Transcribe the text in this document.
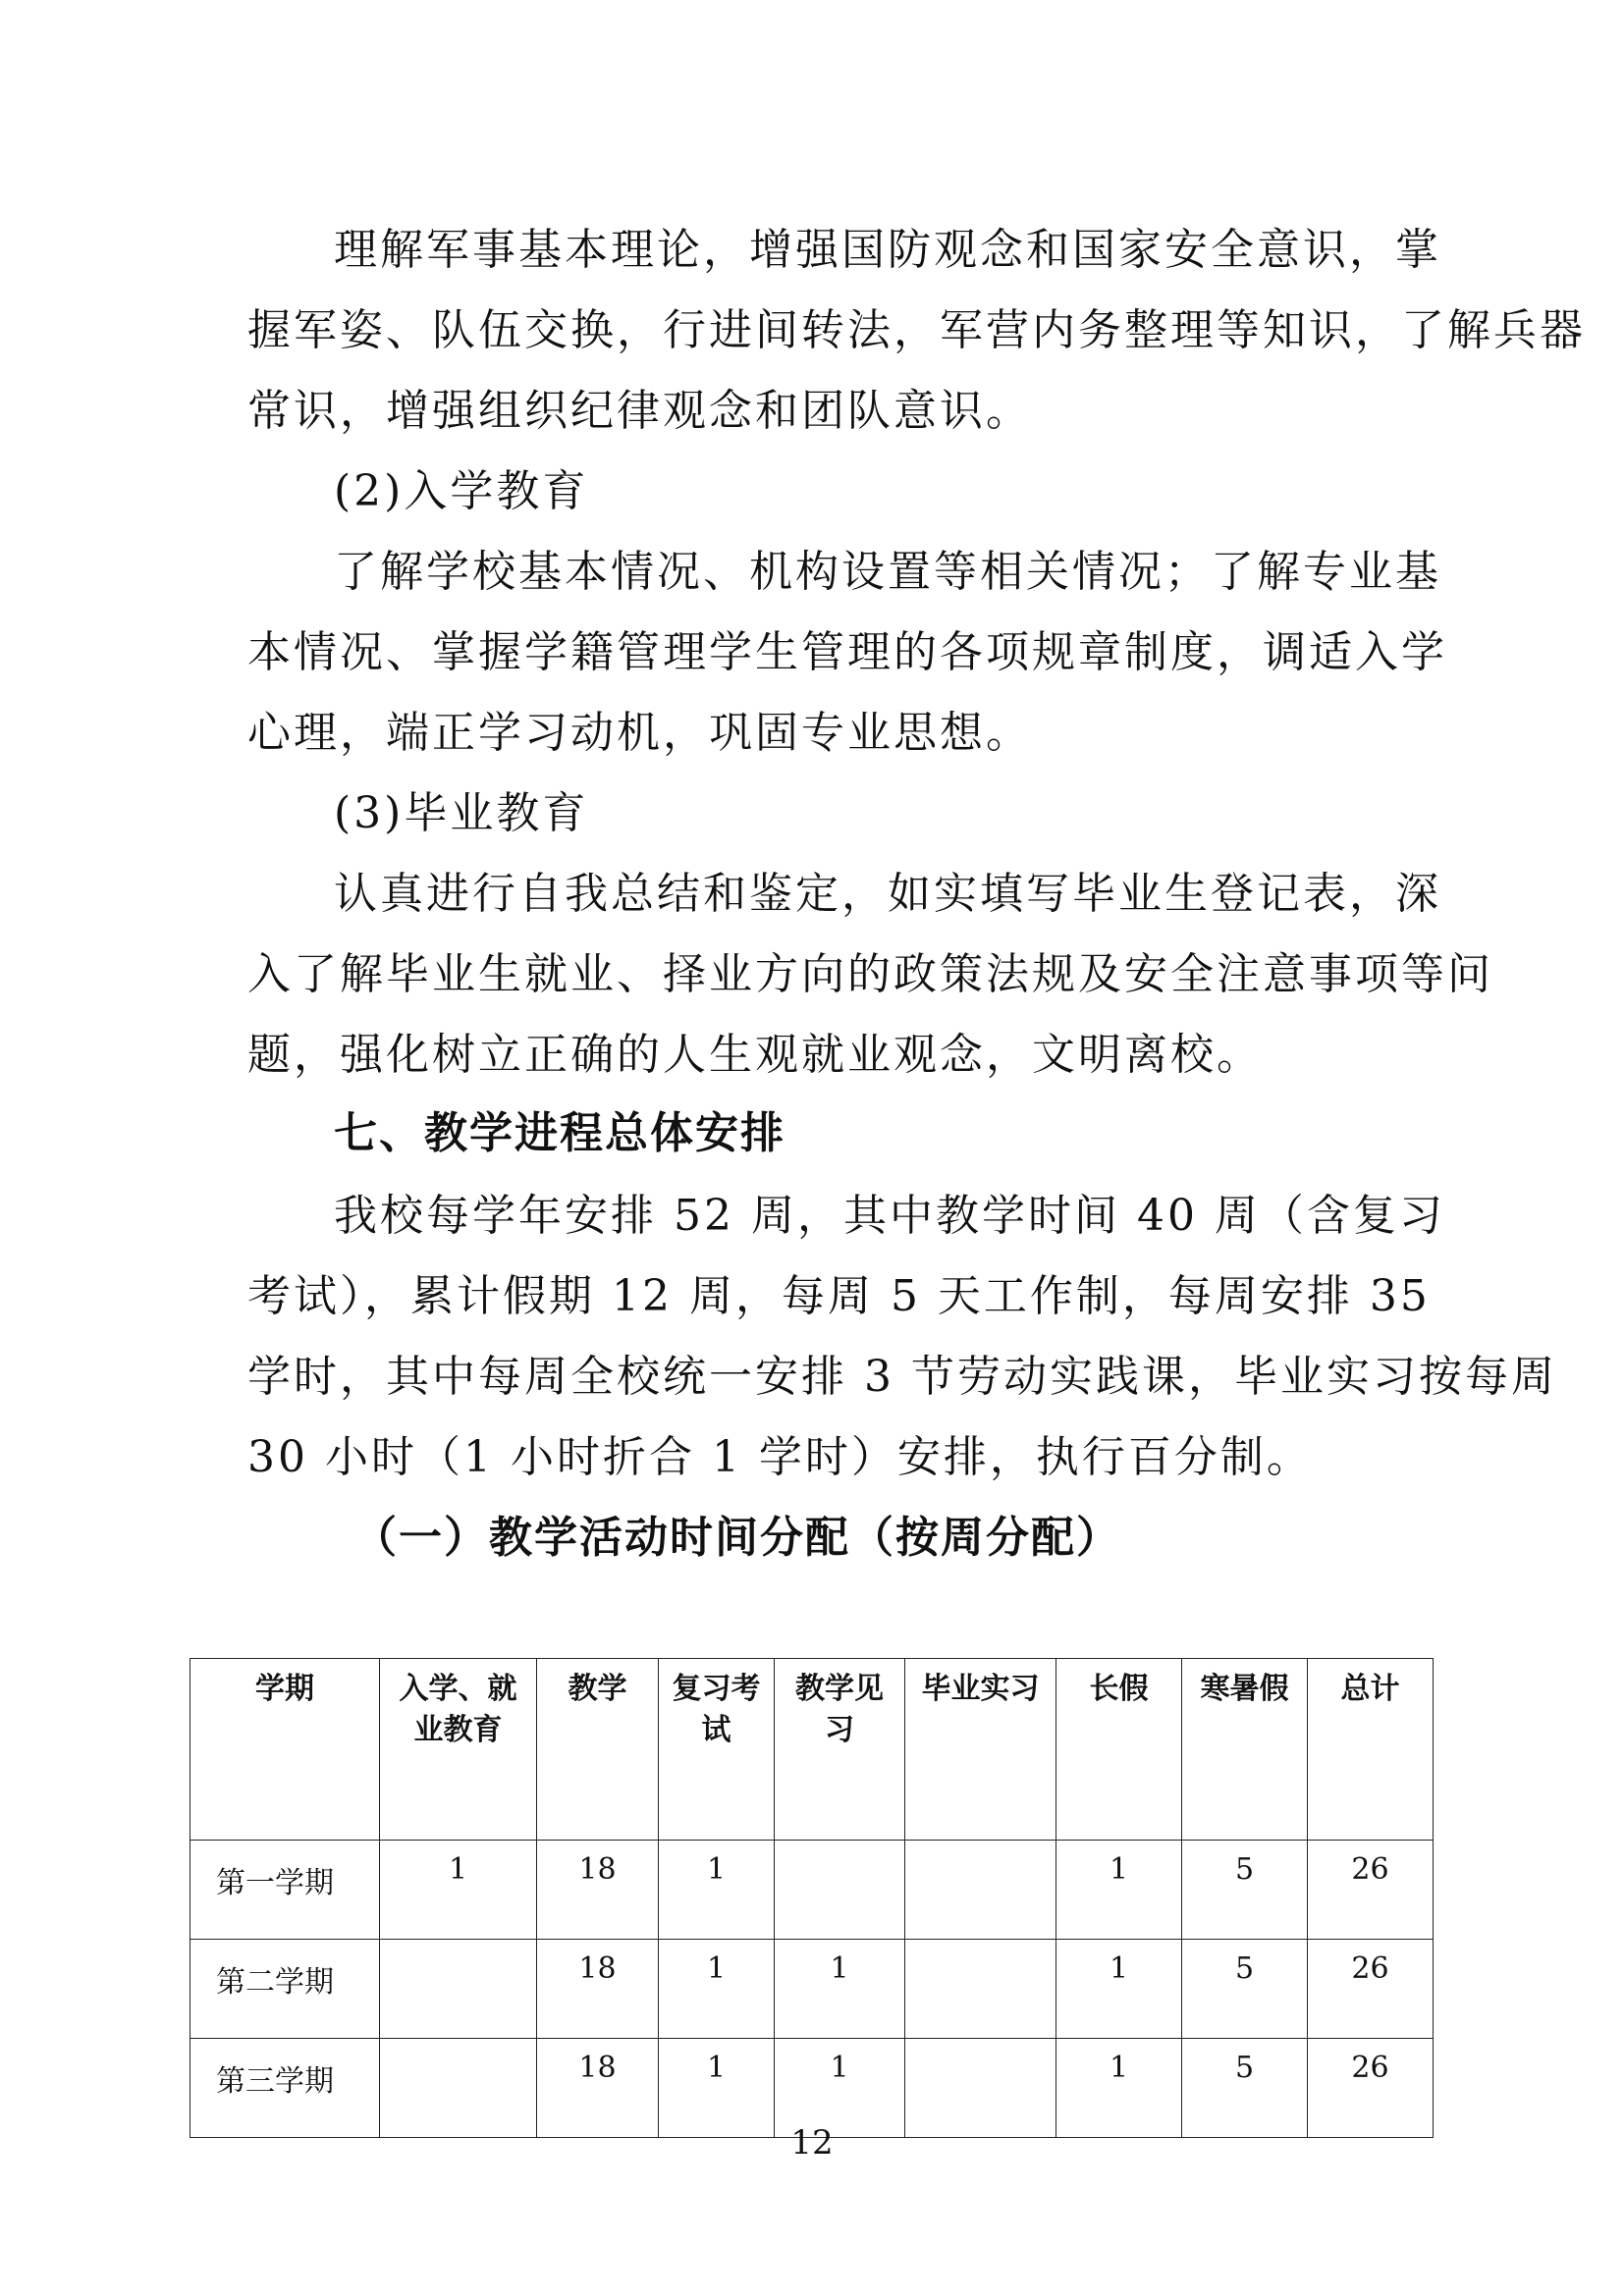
理解军事基本理论，增强国防观念和国家安全意识，掌
握军姿、队伍交换，行进间转法，军营内务整理等知识，了解兵器
常识，增强组织纪律观念和团队意识。
(2)入学教育
了解学校基本情况、机构设置等相关情况；了解专业基
本情况、掌握学籍管理学生管理的各项规章制度，调适入学
心理，端正学习动机，巩固专业思想。
(3)毕业教育
认真进行自我总结和鉴定，如实填写毕业生登记表，深
入了解毕业生就业、择业方向的政策法规及安全注意事项等问
题，强化树立正确的人生观就业观念，文明离校。
七、教学进程总体安排
我校每学年安排 52 周，其中教学时间 40 周（含复习
考试），累计假期 12 周，每周 5 天工作制，每周安排 35
学时，其中每周全校统一安排 3 节劳动实践课，毕业实习按每周
30 小时（1 小时折合 1 学时）安排，执行百分制。
（一）教学活动时间分配（按周分配）
学期	入学、就业教育	教学	复习考试	教学见习	毕业实习	长假	寒暑假	总计
第一学期	1	18	1			1	5	26
第二学期		18	1	1		1	5	26
第三学期		18	1	1		1	5	26
12
